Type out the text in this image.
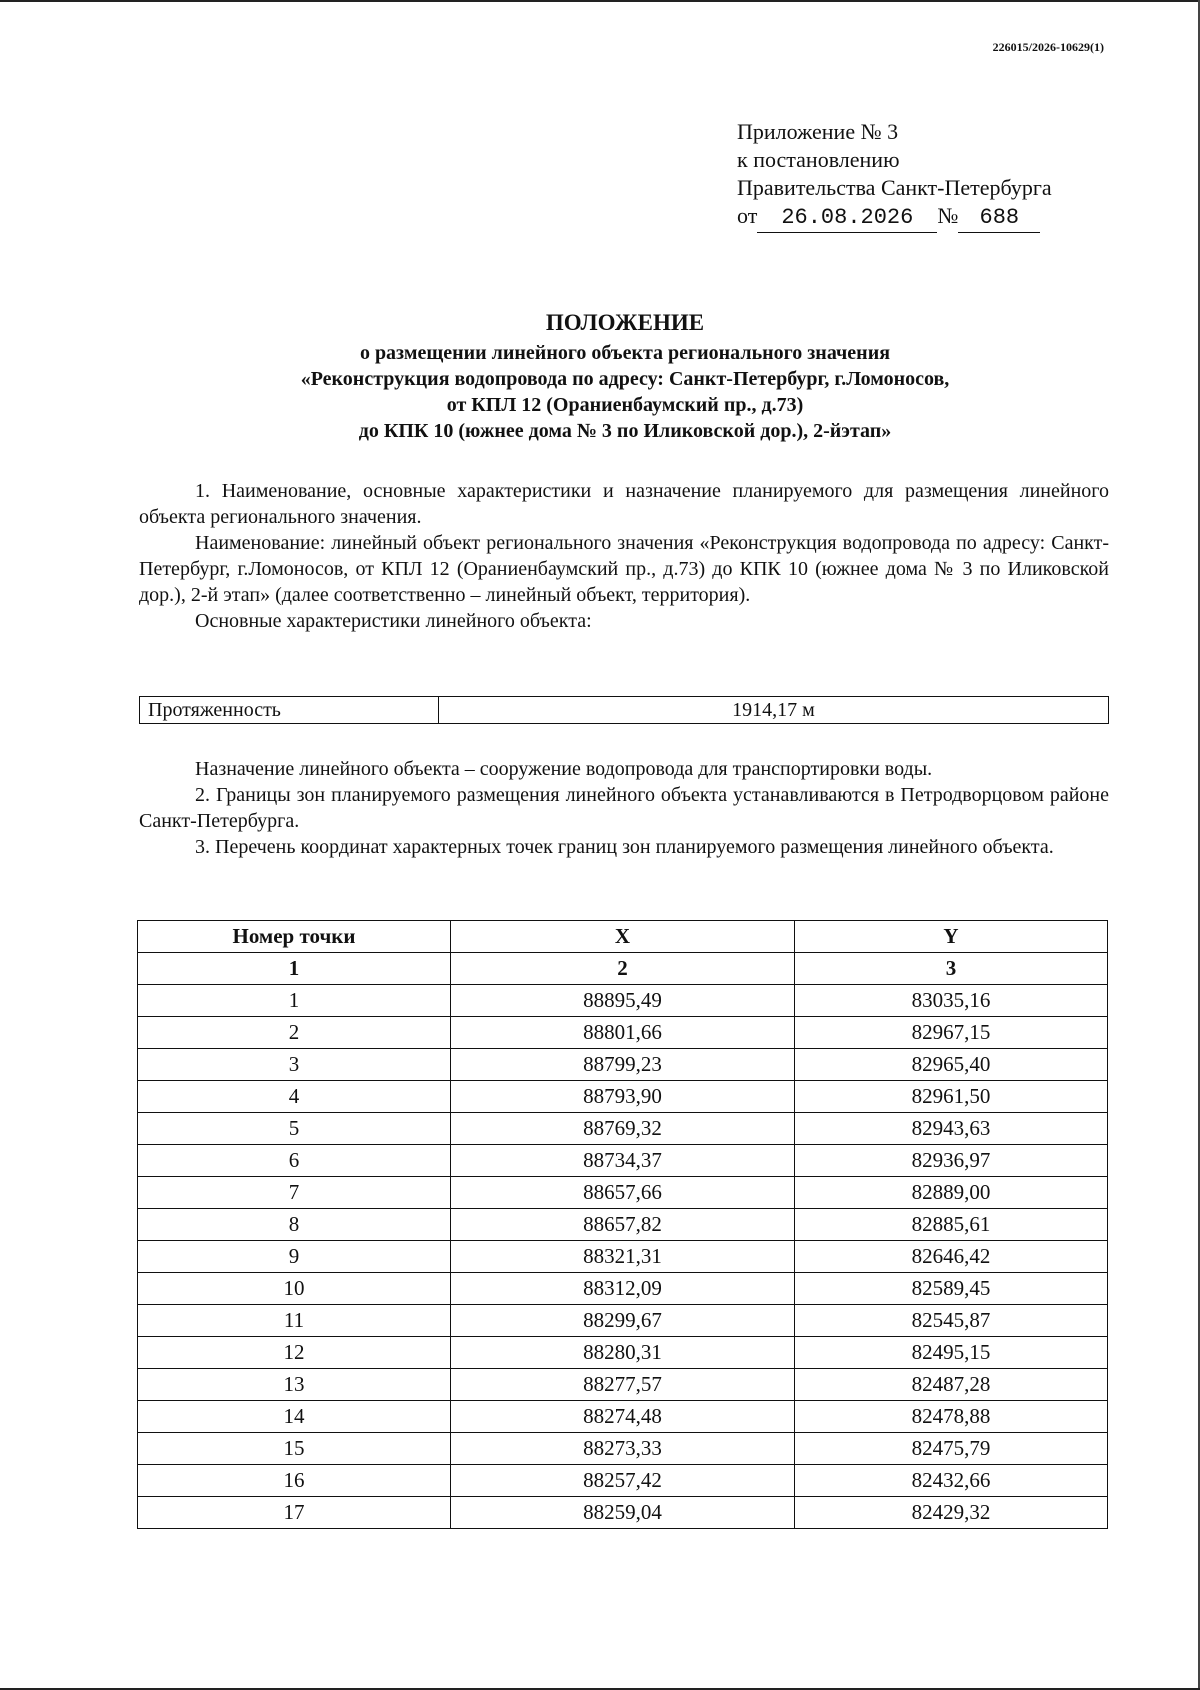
226015/2026-10629(1)
Приложение № 3
к постановлению
Правительства Санкт-Петербурга
от 26.08.2026 № 688
ПОЛОЖЕНИЕ
о размещении линейного объекта регионального значения
«Реконструкция водопровода по адресу: Санкт-Петербург, г.Ломоносов,
от КПЛ 12 (Ораниенбаумский пр., д.73)
до КПК 10 (южнее дома № 3 по Иликовской дор.), 2-йэтап»
1. Наименование, основные характеристики и назначение планируемого для размещения линейного объекта регионального значения.
Наименование: линейный объект регионального значения «Реконструкция водопровода по адресу: Санкт-Петербург, г.Ломоносов, от КПЛ 12 (Ораниенбаумский пр., д.73) до КПК 10 (южнее дома № 3 по Иликовской дор.), 2-й этап» (далее соответственно – линейный объект, территория).
Основные характеристики линейного объекта:
Протяженность	1914,17 м
Назначение линейного объекта – сооружение водопровода для транспортировки воды.
2. Границы зон планируемого размещения линейного объекта устанавливаются в Петродворцовом районе Санкт-Петербурга.
3. Перечень координат характерных точек границ зон планируемого размещения линейного объекта.
Номер точки	X	Y
1	2	3
1	88895,49	83035,16
2	88801,66	82967,15
3	88799,23	82965,40
4	88793,90	82961,50
5	88769,32	82943,63
6	88734,37	82936,97
7	88657,66	82889,00
8	88657,82	82885,61
9	88321,31	82646,42
10	88312,09	82589,45
11	88299,67	82545,87
12	88280,31	82495,15
13	88277,57	82487,28
14	88274,48	82478,88
15	88273,33	82475,79
16	88257,42	82432,66
17	88259,04	82429,32
